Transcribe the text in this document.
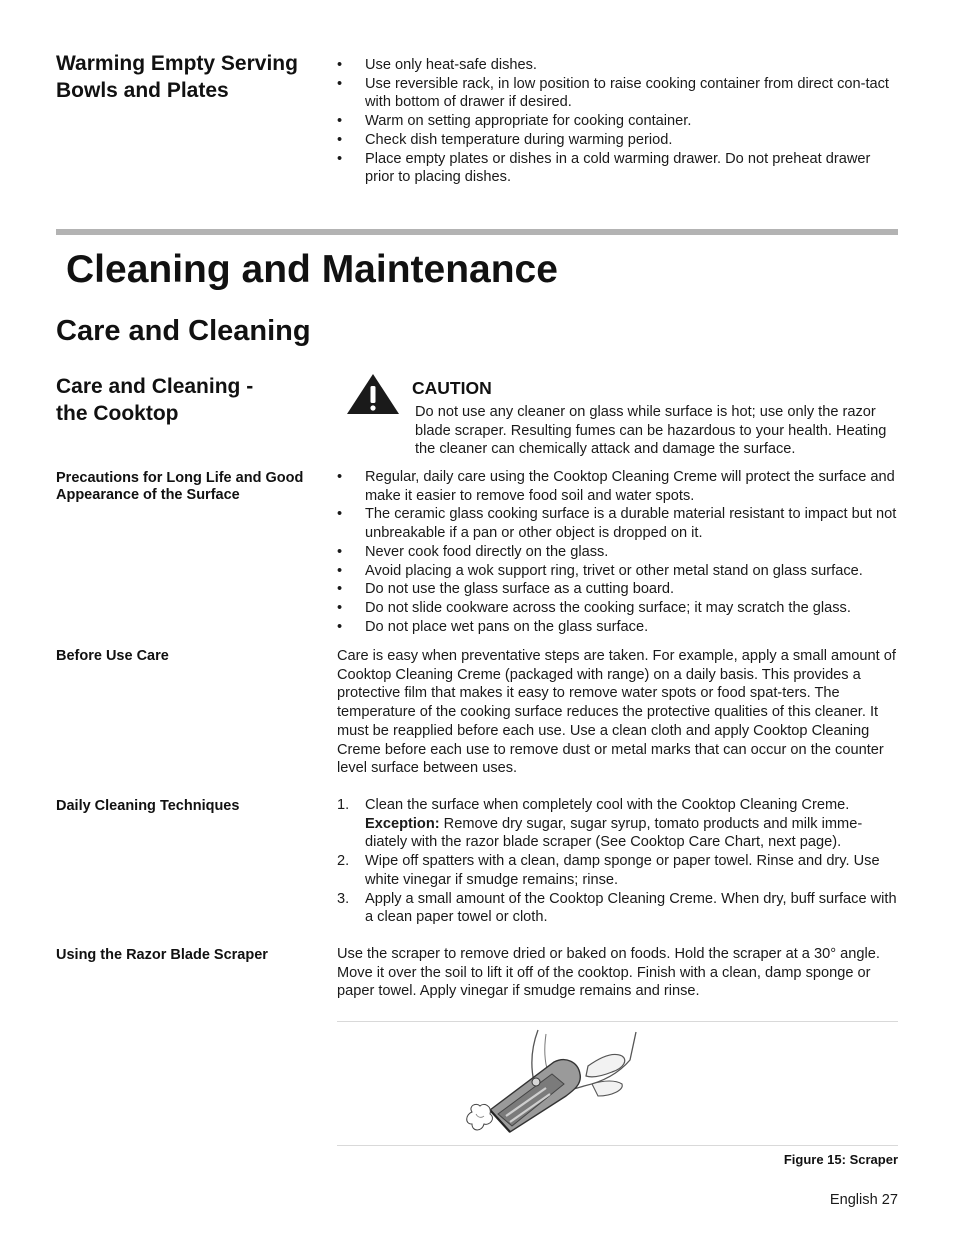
Warming Empty Serving Bowls and Plates
• Use only heat-safe dishes.
• Use reversible rack, in low position to raise cooking container from direct con-tact with bottom of drawer if desired.
• Warm on setting appropriate for cooking container.
• Check dish temperature during warming period.
• Place empty plates or dishes in a cold warming drawer. Do not preheat drawer prior to placing dishes.
Cleaning and Maintenance
Care and Cleaning
Care and Cleaning -
the Cooktop
CAUTION
Do not use any cleaner on glass while surface is hot; use only the razor blade scraper. Resulting fumes can be hazardous to your health. Heating the cleaner can chemically attack and damage the surface.
Precautions for Long Life and Good Appearance of the Surface
• Regular, daily care using the Cooktop Cleaning Creme will protect the surface and make it easier to remove food soil and water spots.
• The ceramic glass cooking surface is a durable material resistant to impact but not unbreakable if a pan or other object is dropped on it.
• Never cook food directly on the glass.
• Avoid placing a wok support ring, trivet or other metal stand on glass surface.
• Do not use the glass surface as a cutting board.
• Do not slide cookware across the cooking surface; it may scratch the glass.
• Do not place wet pans on the glass surface.
Before Use Care	Care is easy when preventative steps are taken. For example, apply a small amount of Cooktop Cleaning Creme (packaged with range) on a daily basis. This provides a protective film that makes it easy to remove water spots or food spat-ters. The temperature of the cooking surface reduces the protective qualities of this cleaner. It must be reapplied before each use. Use a clean cloth and apply Cooktop Cleaning Creme before each use to remove dust or metal marks that can occur on the counter level surface between uses.
Daily Cleaning Techniques	1. Clean the surface when completely cool with the Cooktop Cleaning Creme.
Exception: Remove dry sugar, sugar syrup, tomato products and milk imme-diately with the razor blade scraper (See Cooktop Care Chart, next page).
2. Wipe off spatters with a clean, damp sponge or paper towel. Rinse and dry. Use white vinegar if smudge remains; rinse.
3. Apply a small amount of the Cooktop Cleaning Creme. When dry, buff surface with a clean paper towel or cloth.
Using the Razor Blade Scraper	Use the scraper to remove dried or baked on foods. Hold the scraper at a 30° angle. Move it over the soil to lift it off of the cooktop. Finish with a clean, damp sponge or paper towel. Apply vinegar if smudge remains and rinse.
Figure 15: Scraper
English 27
